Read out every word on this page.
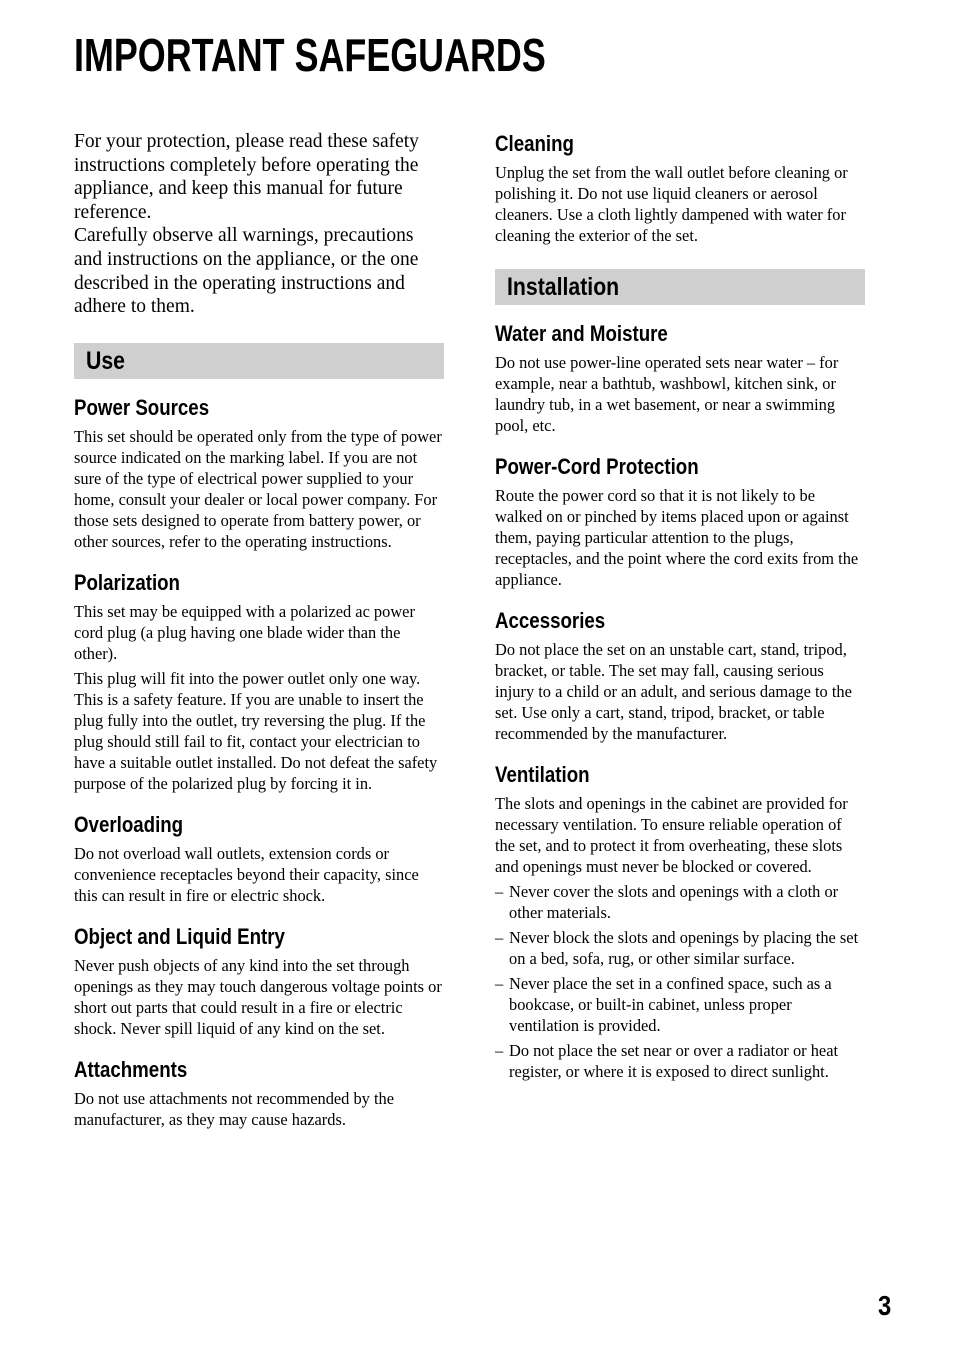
IMPORTANT SAFEGUARDS

For your protection, please read these safety instructions completely before operating the appliance, and keep this manual for future reference.

Carefully observe all warnings, precautions and instructions on the appliance, or the one described in the operating instructions and adhere to them.

Use
Power Sources

This set should be operated only from the type of power source indicated on the marking label. If you are not sure of the type of electrical power supplied to your home, consult your dealer or local power company. For those sets designed to operate from battery power, or other sources, refer to the operating instructions.

Polarization

This set may be equipped with a polarized ac power cord plug (a plug having one blade wider than the other).

This plug will fit into the power outlet only one way. This is a safety feature. If you are unable to insert the plug fully into the outlet, try reversing the plug. If the plug should still fail to fit, contact your electrician to have a suitable outlet installed. Do not defeat the safety purpose of the polarized plug by forcing it in.

Overloading

Do not overload wall outlets, extension cords or convenience receptacles beyond their capacity, since this can result in fire or electric shock.

Object and Liquid Entry

Never push objects of any kind into the set through openings as they may touch dangerous voltage points or short out parts that could result in a fire or electric shock. Never spill liquid of any kind on the set.

Attachments

Do not use attachments not recommended by the manufacturer, as they may cause hazards.

Cleaning

Unplug the set from the wall outlet before cleaning or polishing it. Do not use liquid cleaners or aerosol cleaners. Use a cloth lightly dampened with water for cleaning the exterior of the set.

Installation
Water and Moisture

Do not use power-line operated sets near water – for example, near a bathtub, washbowl, kitchen sink, or laundry tub, in a wet basement, or near a swimming pool, etc.

Power-Cord Protection

Route the power cord so that it is not likely to be walked on or pinched by items placed upon or against them, paying particular attention to the plugs, receptacles, and the point where the cord exits from the appliance.

Accessories

Do not place the set on an unstable cart, stand, tripod, bracket, or table. The set may fall, causing serious injury to a child or an adult, and serious damage to the set. Use only a cart, stand, tripod, bracket, or table recommended by the manufacturer.

Ventilation

The slots and openings in the cabinet are provided for necessary ventilation. To ensure reliable operation of the set, and to protect it from overheating, these slots and openings must never be blocked or covered.

– Never cover the slots and openings with a cloth or other materials.
– Never block the slots and openings by placing the set on a bed, sofa, rug, or other similar surface.
– Never place the set in a confined space, such as a bookcase, or built-in cabinet, unless proper ventilation is provided.
– Do not place the set near or over a radiator or heat register, or where it is exposed to direct sunlight.
3
